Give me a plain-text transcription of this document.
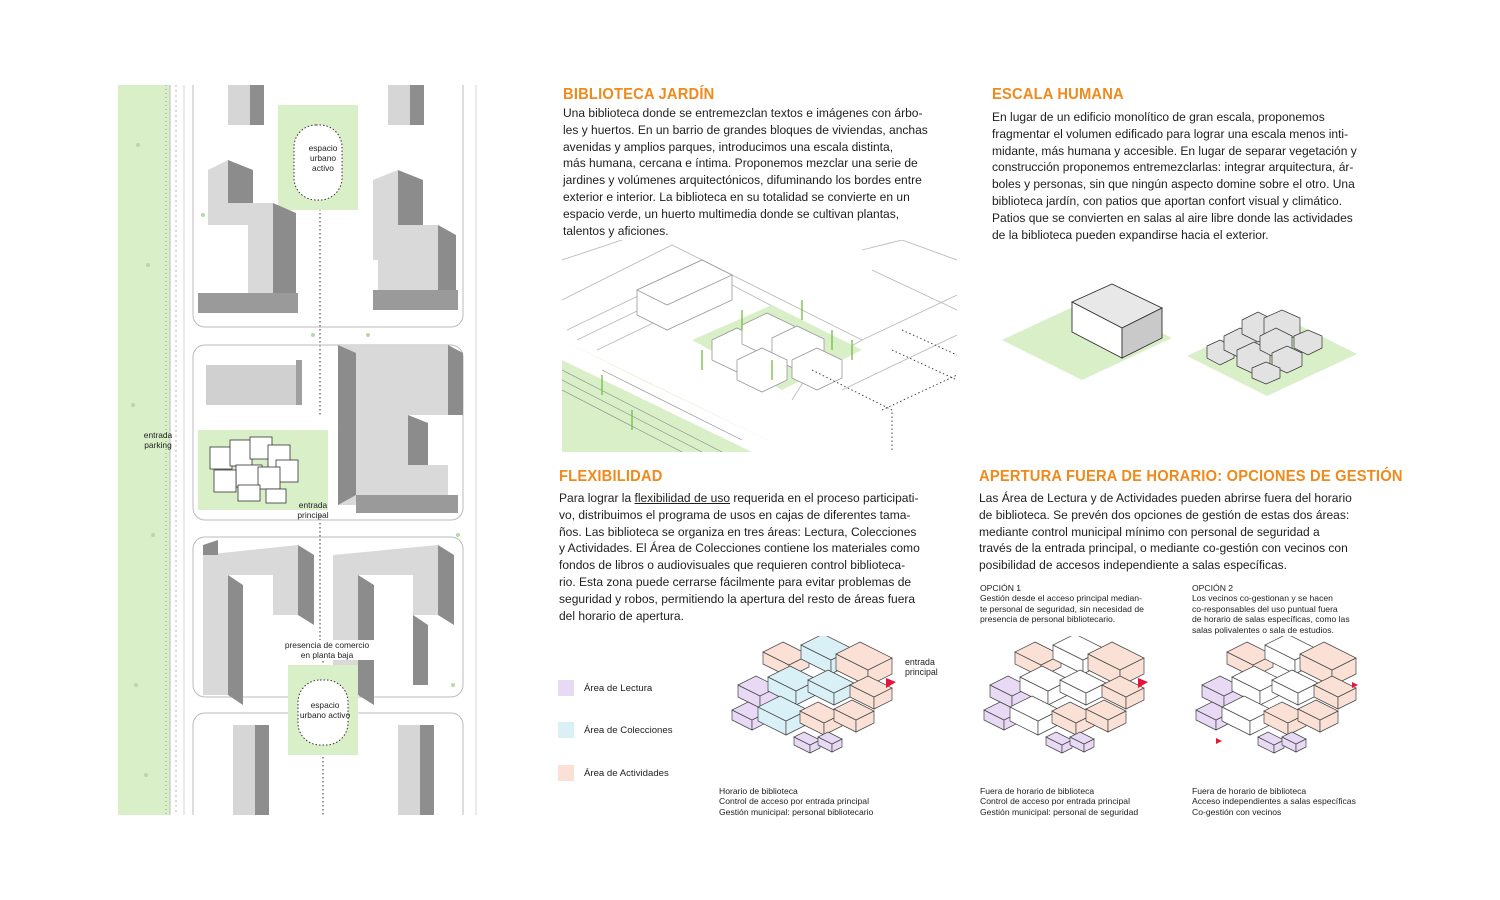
espacio
urbano
activo
entrada
parking
entrada
principal
presencia de comercio
en planta baja
espacio
urbano activo
BIBLIOTECA JARDÍN
Una biblioteca donde se entremezclan textos e imágenes con árbo-
les y huertos. En un barrio de grandes bloques de viviendas, anchas
avenidas y amplios parques, introducimos una escala distinta,
más humana, cercana e íntima. Proponemos mezclar una serie de
jardines y volúmenes arquitectónicos, difuminando los bordes entre
exterior e interior. La biblioteca en su totalidad se convierte en un
espacio verde, un huerto multimedia donde se cultivan plantas,
talentos y aficiones.
ESCALA HUMANA
En lugar de un edificio monolítico de gran escala, proponemos
fragmentar el volumen edificado para lograr una escala menos inti-
midante, más humana y accesible. En lugar de separar vegetación y
construcción proponemos entremezclarlas: integrar arquitectura, ár-
boles y personas, sin que ningún aspecto domine sobre el otro. Una
biblioteca jardín, con patios que aportan confort visual y climático.
Patios que se convierten en salas al aire libre donde las actividades
de la biblioteca pueden expandirse hacia el exterior.
FLEXIBILIDAD
Para lograr la flexibilidad de uso requerida en el proceso participati-
vo, distribuimos el programa de usos en cajas de diferentes tama-
ños. Las biblioteca se organiza en tres áreas: Lectura, Colecciones
y Actividades. El Área de Colecciones contiene los materiales como
fondos de libros o audiovisuales que requieren control biblioteca-
rio. Esta zona puede cerrarse fácilmente para evitar problemas de
seguridad y robos, permitiendo la apertura del resto de áreas fuera
del horario de apertura.
Área de Lectura
Área de Colecciones
Área de Actividades
APERTURA FUERA DE HORARIO: OPCIONES DE GESTIÓN
Las Área de Lectura y de Actividades pueden abrirse fuera del horario
de biblioteca. Se prevén dos opciones de gestión de estas dos áreas:
mediante control municipal mínimo con personal de seguridad a
través de la entrada principal, o mediante co-gestión con vecinos con
posibilidad de accesos independiente a salas específicas.
OPCIÓN 1
Gestión desde el acceso principal median-
te personal de seguridad, sin necesidad de
presencia de personal bibliotecario.
OPCIÓN 2
Los vecinos co-gestionan y se hacen
co-responsables del uso puntual fuera
de horario de salas específicas, como las
salas polivalentes o sala de estudios.
entrada
principal
Horario de biblioteca
Control de acceso por entrada principal
Gestión municipal: personal bibliotecario
Fuera de horario de biblioteca
Control de acceso por entrada principal
Gestión municipal: personal de seguridad
Fuera de horario de biblioteca
Acceso independientes a salas específicas
Co-gestión con vecinos
